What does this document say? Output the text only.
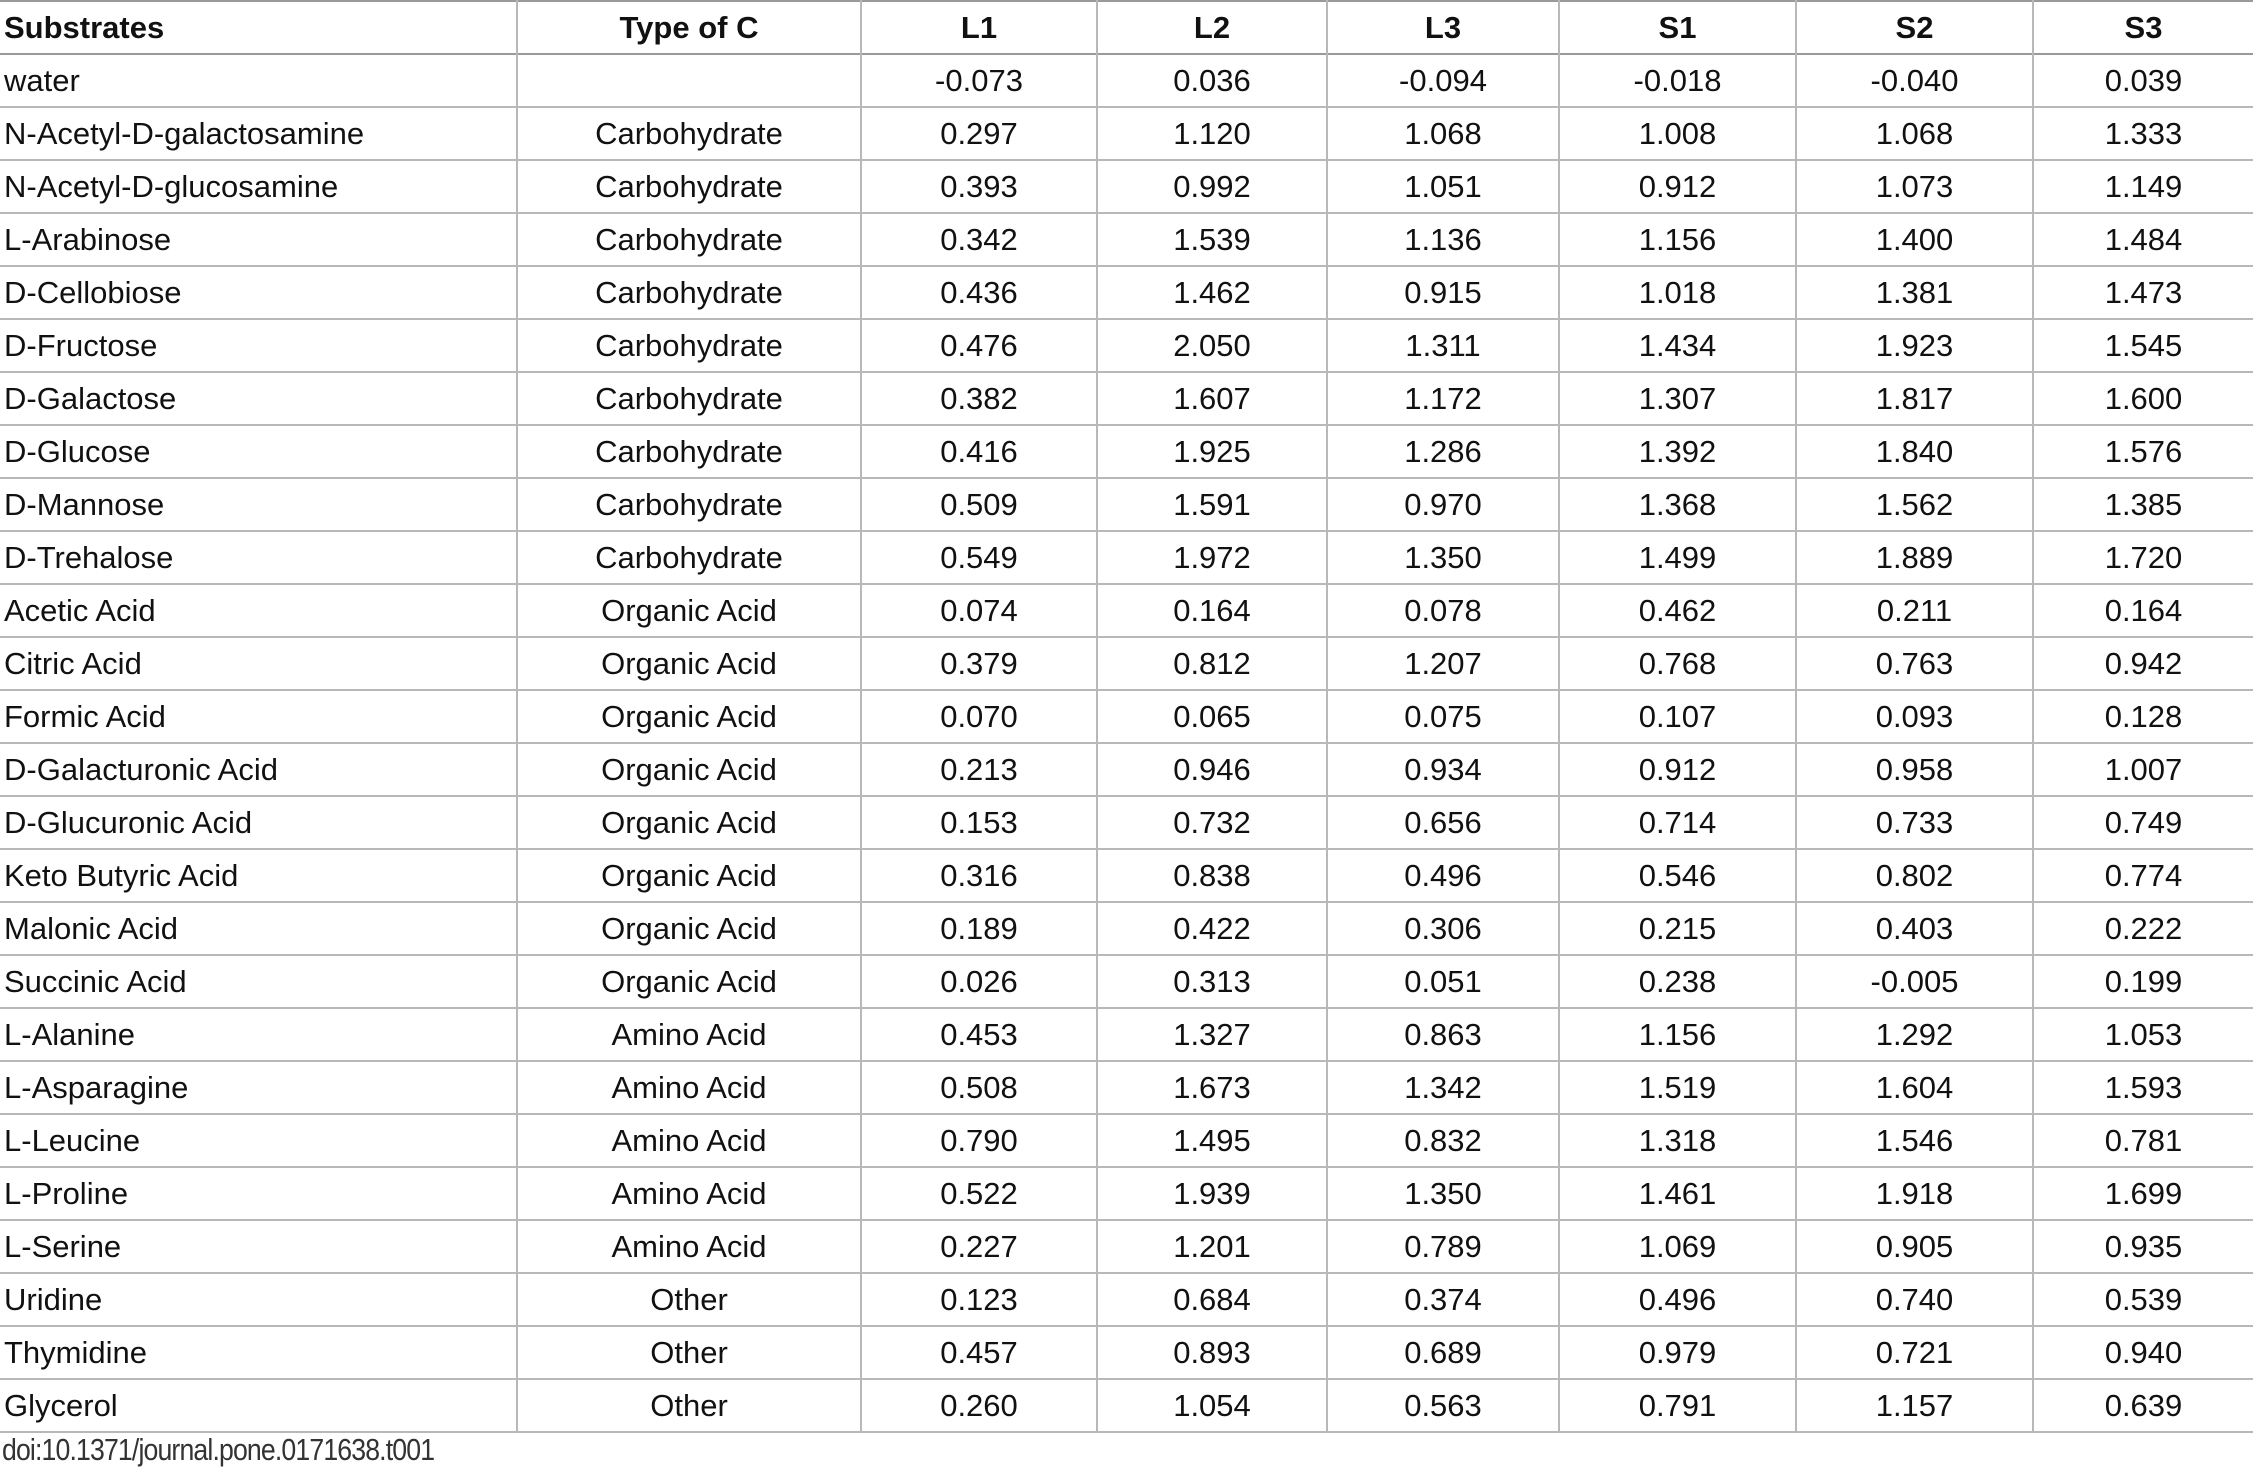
Substrates	Type of C	L1	L2	L3	S1	S2	S3
water		-0.073	0.036	-0.094	-0.018	-0.040	0.039
N-Acetyl-D-galactosamine	Carbohydrate	0.297	1.120	1.068	1.008	1.068	1.333
N-Acetyl-D-glucosamine	Carbohydrate	0.393	0.992	1.051	0.912	1.073	1.149
L-Arabinose	Carbohydrate	0.342	1.539	1.136	1.156	1.400	1.484
D-Cellobiose	Carbohydrate	0.436	1.462	0.915	1.018	1.381	1.473
D-Fructose	Carbohydrate	0.476	2.050	1.311	1.434	1.923	1.545
D-Galactose	Carbohydrate	0.382	1.607	1.172	1.307	1.817	1.600
D-Glucose	Carbohydrate	0.416	1.925	1.286	1.392	1.840	1.576
D-Mannose	Carbohydrate	0.509	1.591	0.970	1.368	1.562	1.385
D-Trehalose	Carbohydrate	0.549	1.972	1.350	1.499	1.889	1.720
Acetic Acid	Organic Acid	0.074	0.164	0.078	0.462	0.211	0.164
Citric Acid	Organic Acid	0.379	0.812	1.207	0.768	0.763	0.942
Formic Acid	Organic Acid	0.070	0.065	0.075	0.107	0.093	0.128
D-Galacturonic Acid	Organic Acid	0.213	0.946	0.934	0.912	0.958	1.007
D-Glucuronic Acid	Organic Acid	0.153	0.732	0.656	0.714	0.733	0.749
Keto Butyric Acid	Organic Acid	0.316	0.838	0.496	0.546	0.802	0.774
Malonic Acid	Organic Acid	0.189	0.422	0.306	0.215	0.403	0.222
Succinic Acid	Organic Acid	0.026	0.313	0.051	0.238	-0.005	0.199
L-Alanine	Amino Acid	0.453	1.327	0.863	1.156	1.292	1.053
L-Asparagine	Amino Acid	0.508	1.673	1.342	1.519	1.604	1.593
L-Leucine	Amino Acid	0.790	1.495	0.832	1.318	1.546	0.781
L-Proline	Amino Acid	0.522	1.939	1.350	1.461	1.918	1.699
L-Serine	Amino Acid	0.227	1.201	0.789	1.069	0.905	0.935
Uridine	Other	0.123	0.684	0.374	0.496	0.740	0.539
Thymidine	Other	0.457	0.893	0.689	0.979	0.721	0.940
Glycerol	Other	0.260	1.054	0.563	0.791	1.157	0.639
doi:10.1371/journal.pone.0171638.t001
